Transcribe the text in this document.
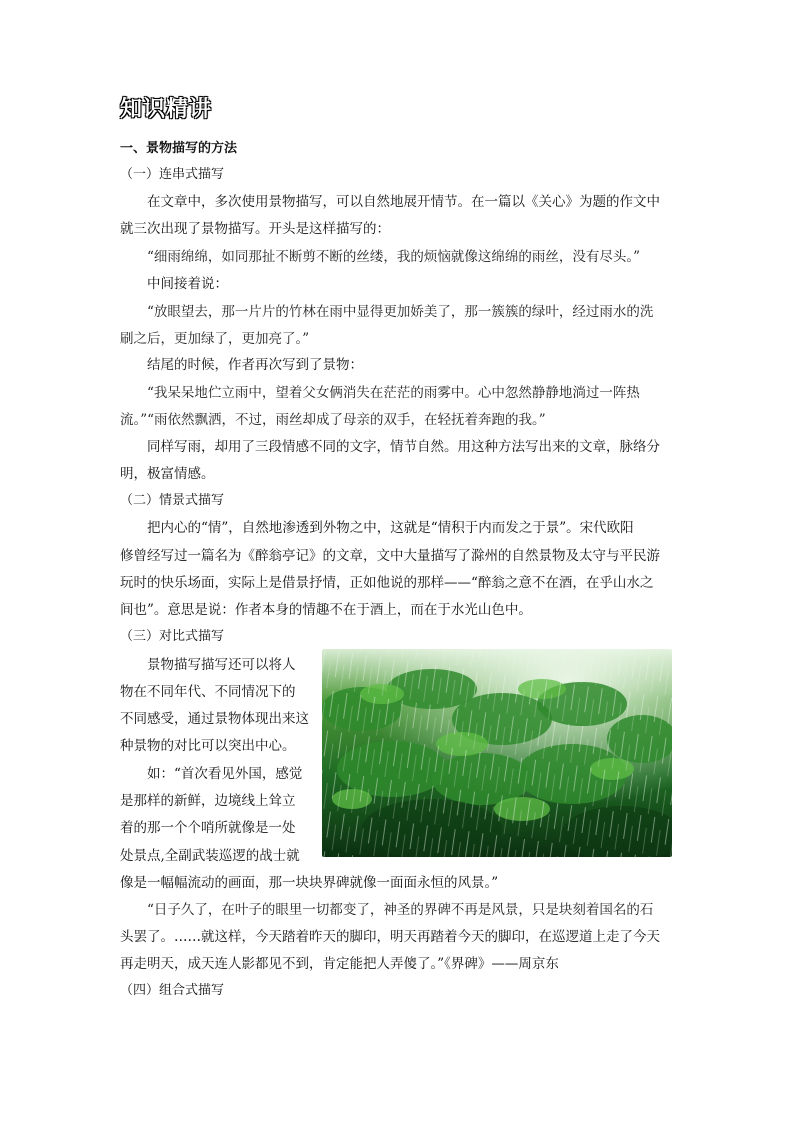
知识精讲
一、景物描写的方法
（一）连串式描写
在文章中，多次使用景物描写，可以自然地展开情节。在一篇以《关心》为题的作文中
就三次出现了景物描写。开头是这样描写的：
“细雨绵绵，如同那扯不断剪不断的丝缕，我的烦恼就像这绵绵的雨丝，没有尽头。”
中间接着说：
“放眼望去，那一片片的竹林在雨中显得更加娇美了，那一簇簇的绿叶，经过雨水的洗
刷之后，更加绿了，更加亮了。”
结尾的时候，作者再次写到了景物：
“我呆呆地伫立雨中，望着父女俩消失在茫茫的雨雾中。心中忽然静静地淌过一阵热
流。”“雨依然飘洒，不过，雨丝却成了母亲的双手，在轻抚着奔跑的我。”
同样写雨，却用了三段情感不同的文字，情节自然。用这种方法写出来的文章，脉络分
明，极富情感。
（二）情景式描写
把内心的“情”，自然地渗透到外物之中，这就是“情积于内而发之于景”。宋代欧阳
修曾经写过一篇名为《醉翁亭记》的文章，文中大量描写了滁州的自然景物及太守与平民游
玩时的快乐场面，实际上是借景抒情，正如他说的那样——“醉翁之意不在酒，在乎山水之
间也”。意思是说：作者本身的情趣不在于酒上，而在于水光山色中。
（三）对比式描写
景物描写描写还可以将人
物在不同年代、不同情况下的
不同感受，通过景物体现出来这
种景物的对比可以突出中心。
如：“首次看见外国，感觉
是那样的新鲜，边境线上耸立
着的那一个个哨所就像是一处
处景点,全副武装巡逻的战士就
像是一幅幅流动的画面，那一块块界碑就像一面面永恒的风景。”
“日子久了，在叶子的眼里一切都变了，神圣的界碑不再是风景，只是块刻着国名的石
头罢了。……就这样，今天踏着昨天的脚印，明天再踏着今天的脚印，在巡逻道上走了今天
再走明天，成天连人影都见不到，肯定能把人弄傻了。”《界碑》——周京东
（四）组合式描写
